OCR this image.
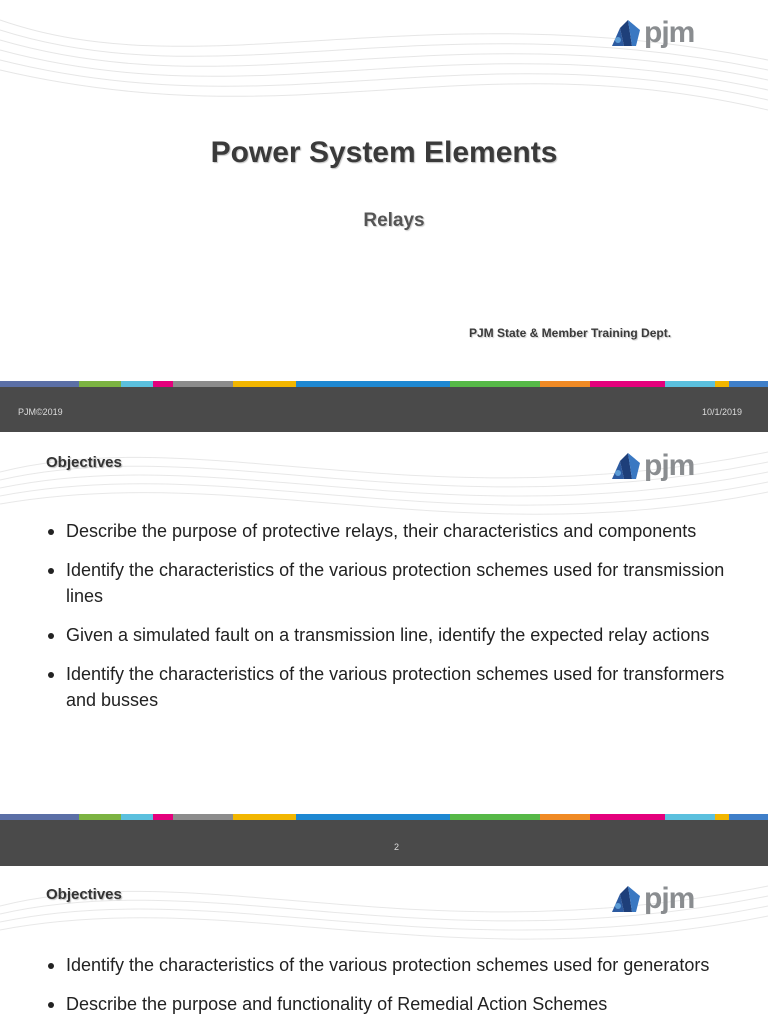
pjm
Power System Elements
Relays
PJM State & Member Training Dept.
PJM©2019	10/1/2019
Objectives	pjm
Describe the purpose of protective relays, their characteristics and components
Identify the characteristics of the various protection schemes used for transmission lines
Given a simulated fault on a transmission line, identify the expected relay actions
Identify the characteristics of the various protection schemes used for transformers and busses
2
Objectives	pjm
Identify the characteristics of the various protection schemes used for generators
Describe the purpose and functionality of Remedial Action Schemes
